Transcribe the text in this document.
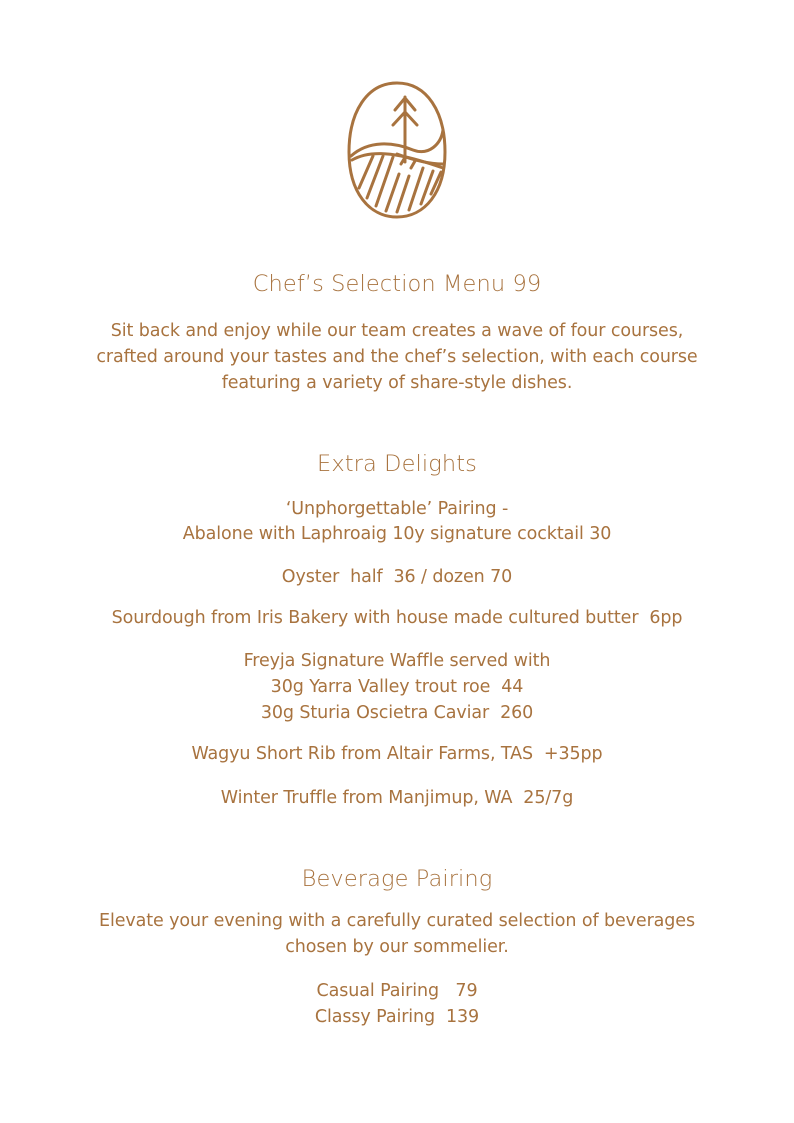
Chef’s Selection Menu 99
Sit back and enjoy while our team creates a wave of four courses,
crafted around your tastes and the chef’s selection, with each course
featuring a variety of share-style dishes.
Extra Delights
‘Unphorgettable’ Pairing -
Abalone with Laphroaig 10y signature cocktail 30
Oyster  half  36 / dozen 70
Sourdough from Iris Bakery with house made cultured butter  6pp
Freyja Signature Waffle served with
30g Yarra Valley trout roe  44
30g Sturia Oscietra Caviar  260
Wagyu Short Rib from Altair Farms, TAS  +35pp
Winter Truffle from Manjimup, WA  25/7g
Beverage Pairing
Elevate your evening with a carefully curated selection of beverages
chosen by our sommelier.
Casual Pairing   79
Classy Pairing  139
